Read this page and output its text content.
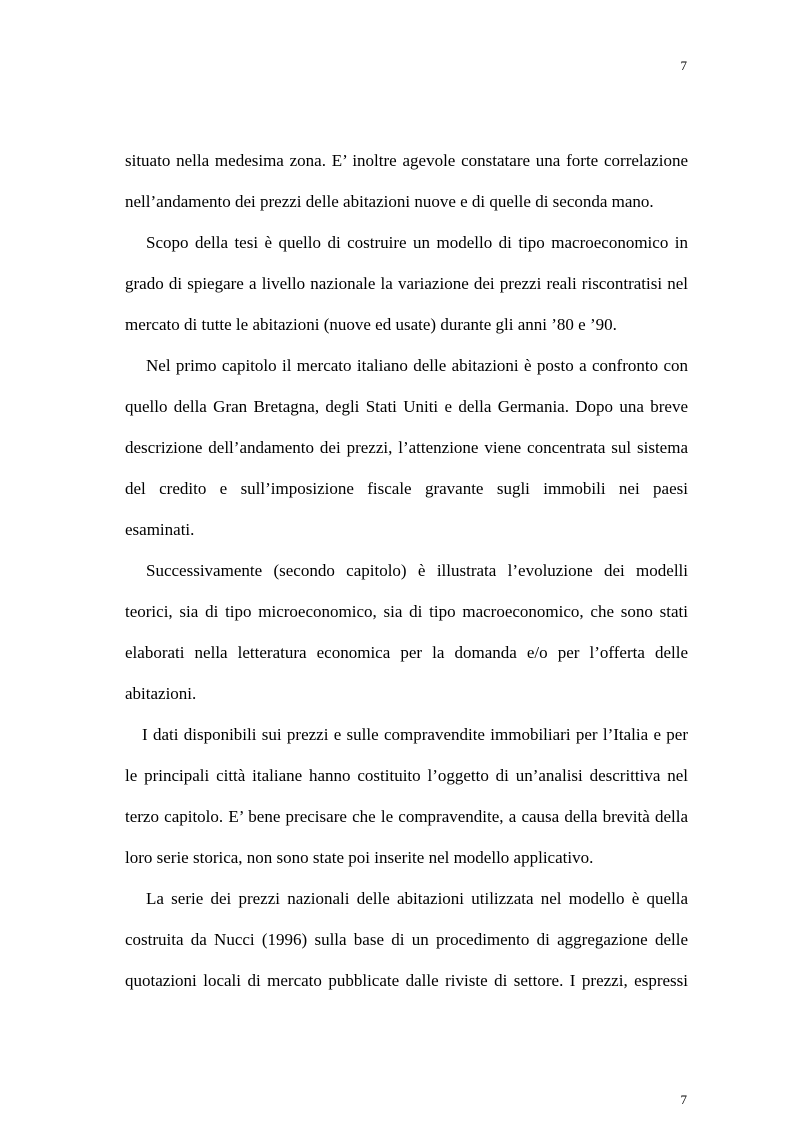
7
situato nella medesima zona. E’ inoltre agevole constatare una forte correlazione
nell’andamento dei prezzi delle abitazioni nuove e di quelle di seconda mano.
Scopo della tesi è quello di costruire un modello di tipo macroeconomico in
grado di spiegare a livello nazionale la variazione dei prezzi reali riscontratisi nel
mercato di tutte le abitazioni (nuove ed usate) durante gli anni ’80 e ’90.
Nel primo capitolo il mercato italiano delle abitazioni è posto a confronto con
quello della Gran Bretagna, degli Stati Uniti e della Germania. Dopo una breve
descrizione dell’andamento dei prezzi, l’attenzione viene concentrata sul sistema
del credito e sull’imposizione fiscale gravante sugli immobili nei paesi
esaminati.
Successivamente (secondo capitolo) è illustrata l’evoluzione dei modelli
teorici, sia di tipo microeconomico, sia di tipo macroeconomico, che sono stati
elaborati nella letteratura economica per la domanda e/o per l’offerta delle
abitazioni.
I dati disponibili sui prezzi e sulle compravendite immobiliari per l’Italia e per
le principali città italiane hanno costituito l’oggetto di un’analisi descrittiva nel
terzo capitolo. E’ bene precisare che le compravendite, a causa della brevità della
loro serie storica, non sono state poi inserite nel modello applicativo.
La serie dei prezzi nazionali delle abitazioni utilizzata nel modello è quella
costruita da Nucci (1996) sulla base di un procedimento di aggregazione delle
quotazioni locali di mercato pubblicate dalle riviste di settore. I prezzi, espressi
7
